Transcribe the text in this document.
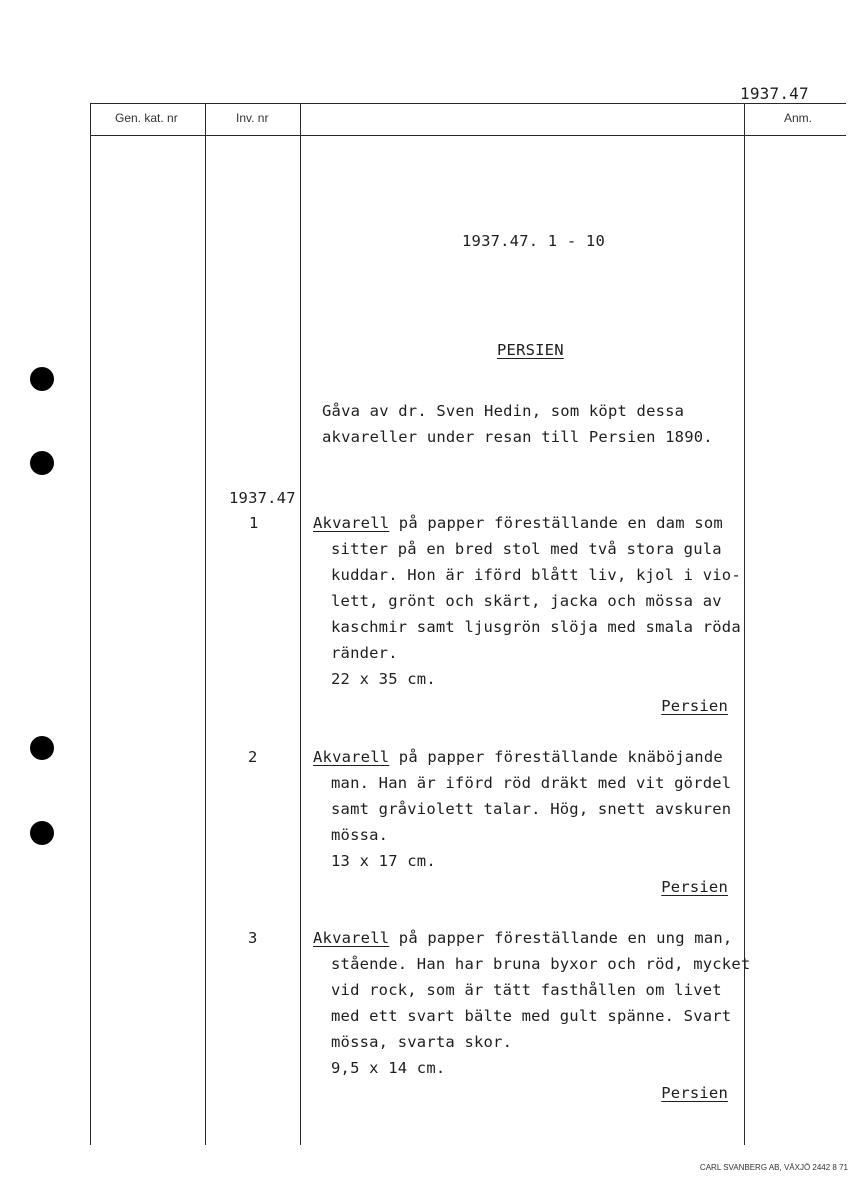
1937.47
Gen. kat. nr	Inv. nr	Anm.
1937.47. 1 - 10
PERSIEN
Gåva av dr. Sven Hedin, som köpt dessa
akvareller under resan till Persien 1890.
1937.47
1	Akvarell på papper föreställande en dam som
sitter på en bred stol med två stora gula
kuddar. Hon är iförd blått liv, kjol i vio-
lett, grönt och skärt, jacka och mössa av
kaschmir samt ljusgrön slöja med smala röda
ränder.
22 x 35 cm.
Persien
2	Akvarell på papper föreställande knäböjande
man. Han är iförd röd dräkt med vit gördel
samt gråviolett talar. Hög, snett avskuren
mössa.
13 x 17 cm.
Persien
3	Akvarell på papper föreställande en ung man,
stående. Han har bruna byxor och röd, mycket
vid rock, som är tätt fasthållen om livet
med ett svart bälte med gult spänne. Svart
mössa, svarta skor.
9,5 x 14 cm.
Persien
CARL SVANBERG AB, VÄXJÖ 2442 8 71
